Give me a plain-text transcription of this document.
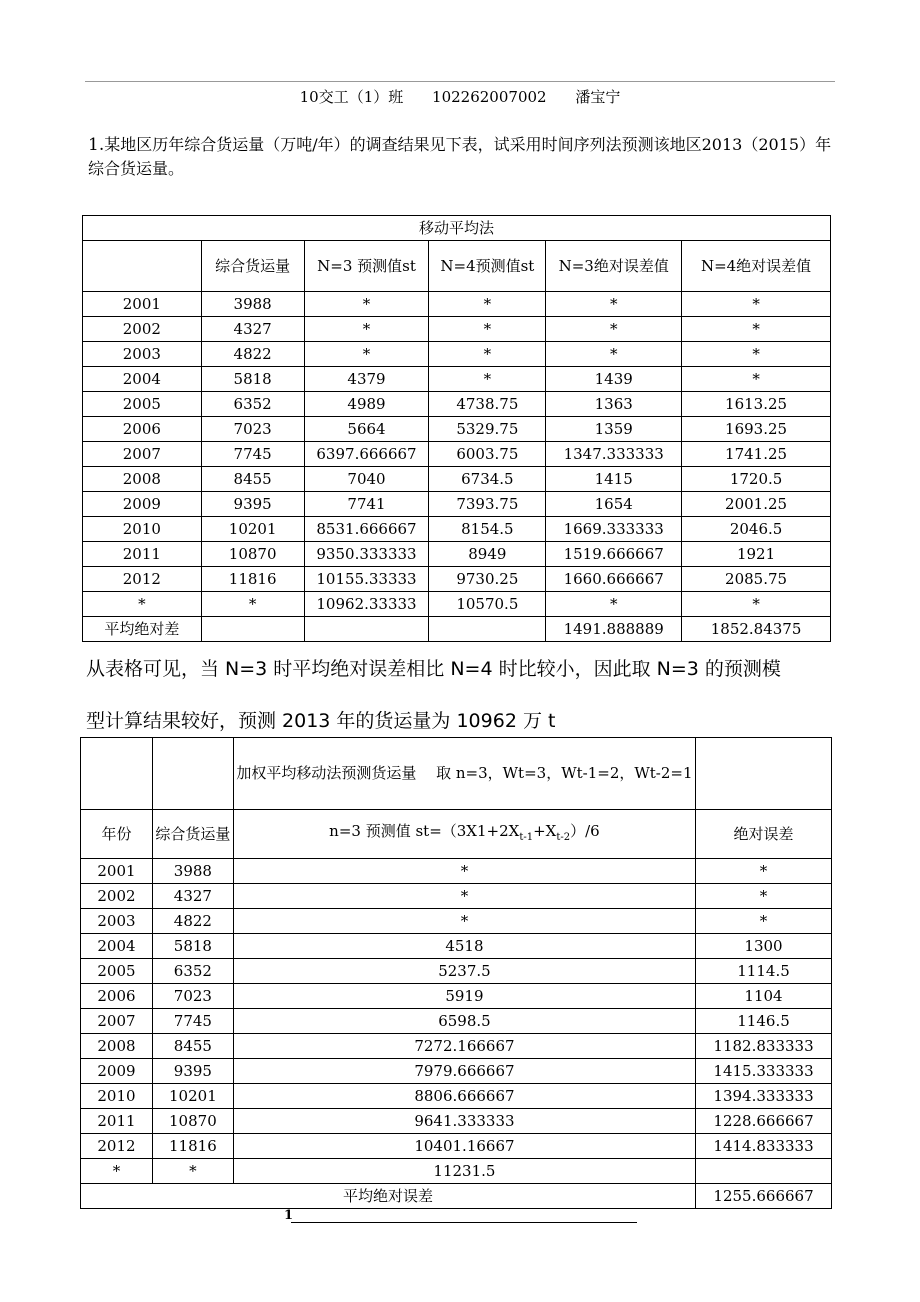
10交工（1）班 102262007002 潘宝宁
1.某地区历年综合货运量（万吨/年）的调查结果见下表，试采用时间序列法预测该地区2013（2015）年综合货运量。
移动平均法					
	综合货运量	N=3 预测值st	N=4预测值st	N=3绝对误差值	N=4绝对误差值
2001	3988	*	*	*	*
2002	4327	*	*	*	*
2003	4822	*	*	*	*
2004	5818	4379	*	1439	*
2005	6352	4989	4738.75	1363	1613.25
2006	7023	5664	5329.75	1359	1693.25
2007	7745	6397.666667	6003.75	1347.333333	1741.25
2008	8455	7040	6734.5	1415	1720.5
2009	9395	7741	7393.75	1654	2001.25
2010	10201	8531.666667	8154.5	1669.333333	2046.5
2011	10870	9350.333333	8949	1519.666667	1921
2012	11816	10155.33333	9730.25	1660.666667	2085.75
*	*	10962.33333	10570.5	*	*
平均绝对差				1491.888889	1852.84375
从表格可见，当 N=3 时平均绝对误差相比 N=4 时比较小，因此取 N=3 的预测模
型计算结果较好，预测 2013 年的货运量为 10962 万 t
		加权平均移动法预测货运量　 取 n=3，Wt=3，Wt-1=2，Wt-2=1	
年份	综合货运量	n=3 预测值 $st=(3X1+2X_{t-1}+X_{t-2})/6$	绝对误差
2001	3988	*	*
2002	4327	*	*
2003	4822	*	*
2004	5818	4518	1300
2005	6352	5237.5	1114.5
2006	7023	5919	1104
2007	7745	6598.5	1146.5
2008	8455	7272.166667	1182.833333
2009	9395	7979.666667	1415.333333
2010	10201	8806.666667	1394.333333
2011	10870	9641.333333	1228.666667
2012	11816	10401.16667	1414.833333
*	*	11231.5	
平均绝对误差			1255.666667
1
